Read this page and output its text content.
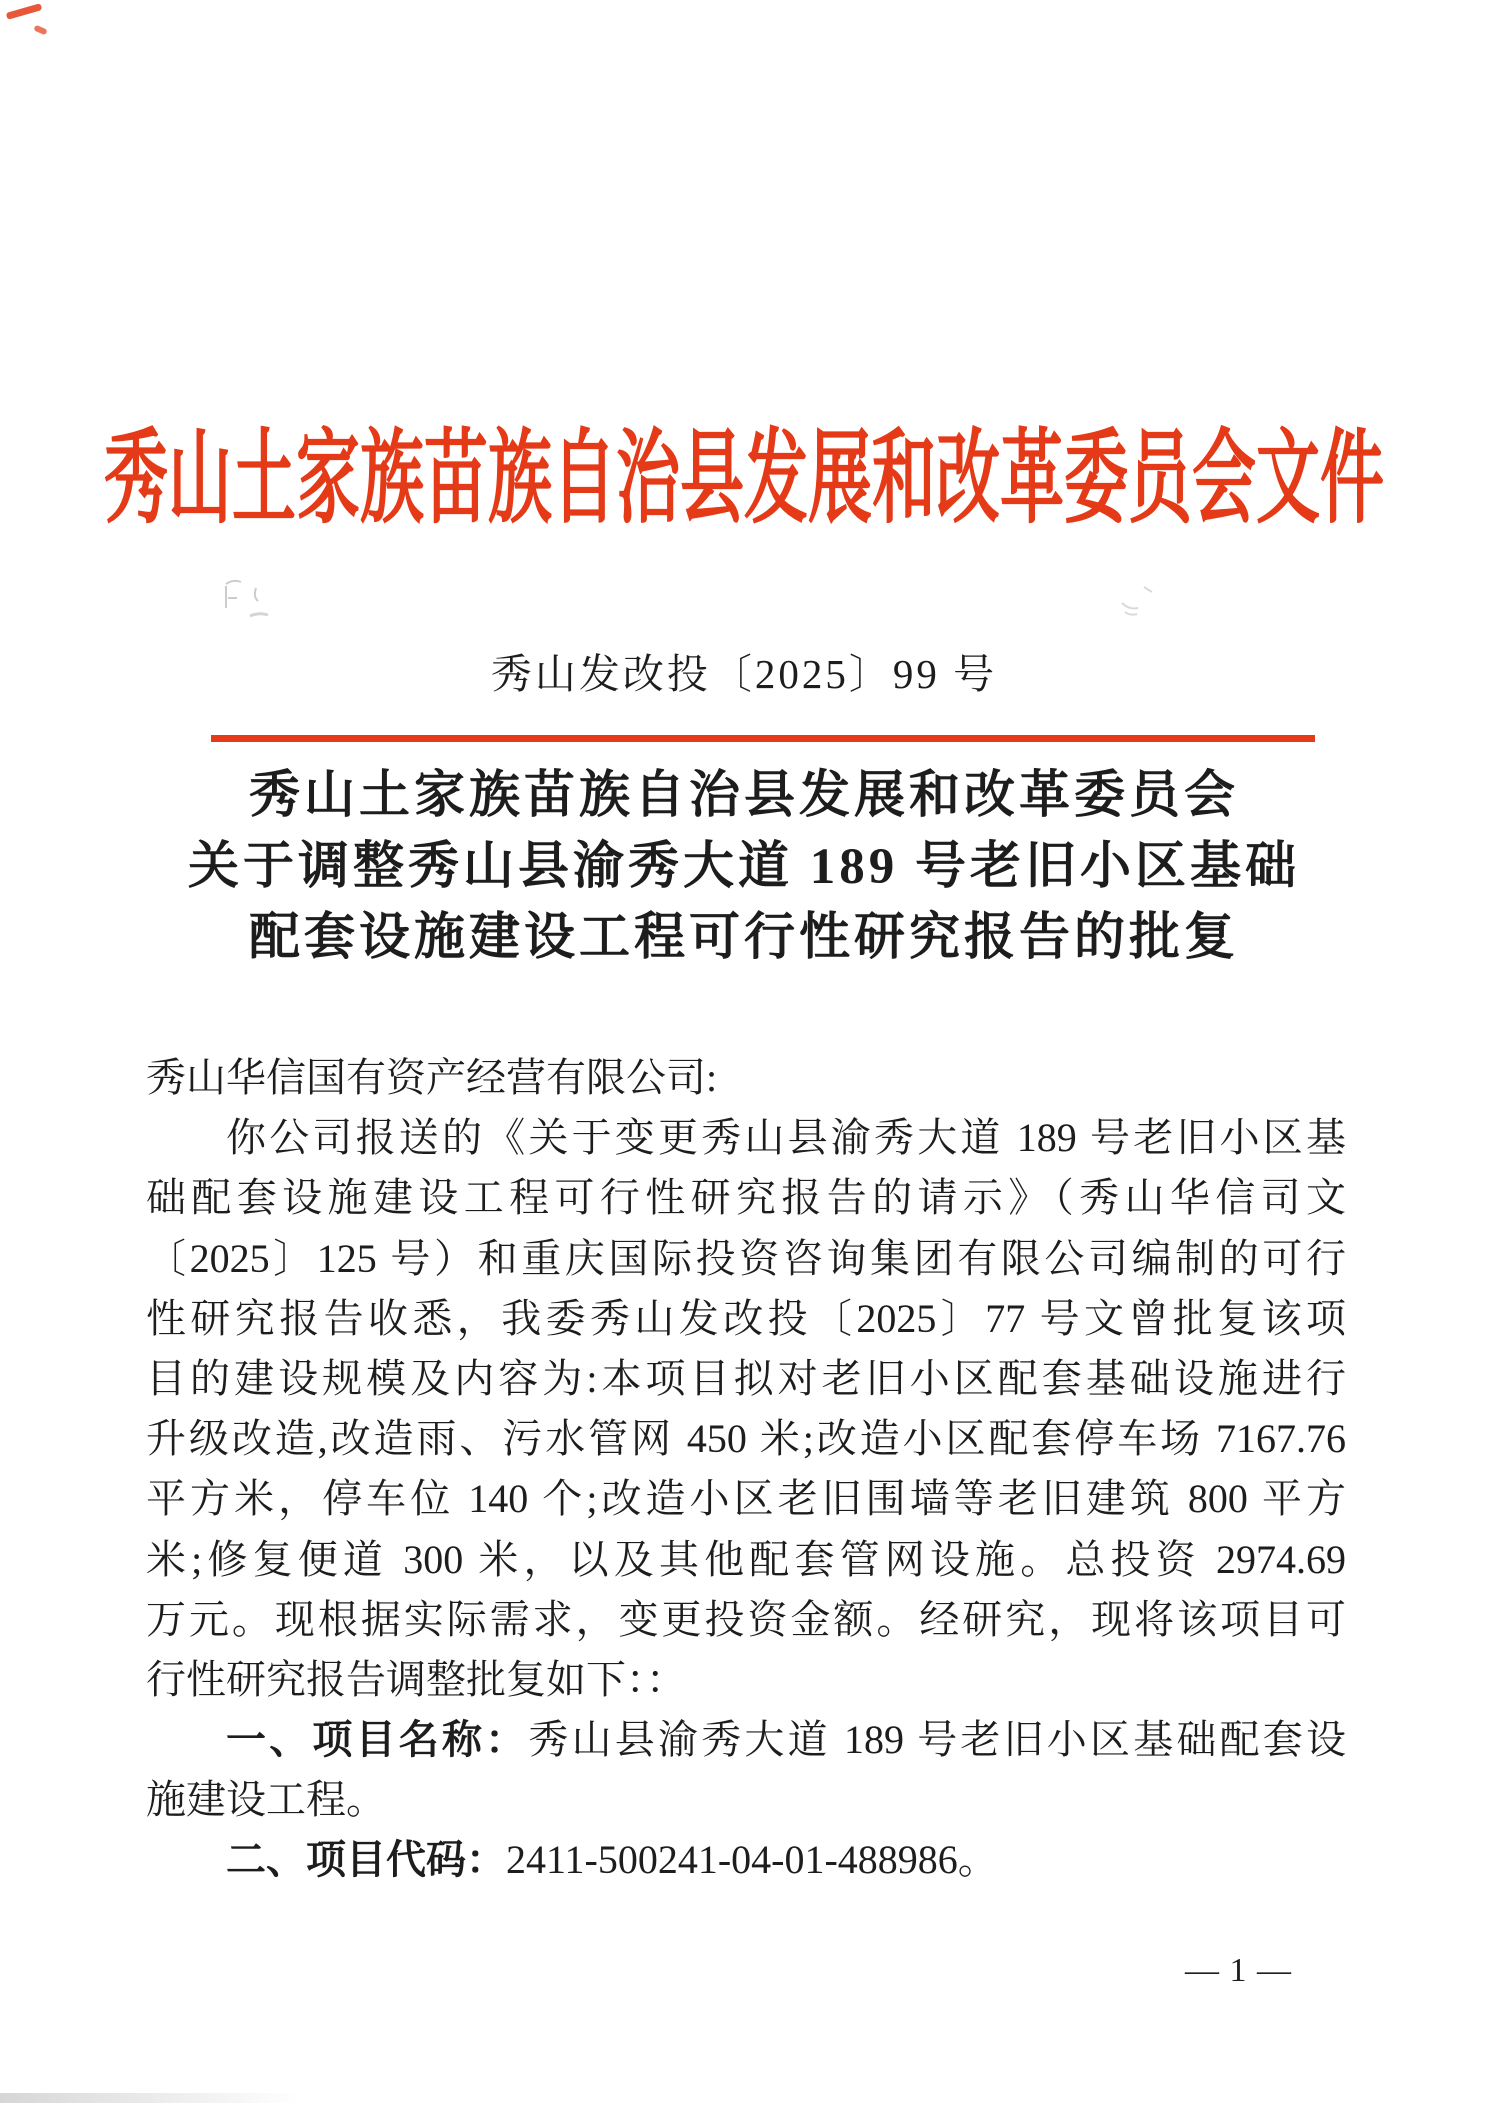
秀山土家族苗族自治县发展和改革委员会文件
秀山发改投〔2025〕99 号
秀山土家族苗族自治县发展和改革委员会
关于调整秀山县渝秀大道 189 号老旧小区基础
配套设施建设工程可行性研究报告的批复
秀山华信国有资产经营有限公司:
你公司报送的《关于变更秀山县渝秀大道 189 号老旧小区基
础配套设施建设工程可行性研究报告的请示》（秀山华信司文
〔2025〕125 号）和重庆国际投资咨询集团有限公司编制的可行
性研究报告收悉，我委秀山发改投〔2025〕77 号文曾批复该项
目的建设规模及内容为:本项目拟对老旧小区配套基础设施进行
升级改造,改造雨、污水管网 450 米;改造小区配套停车场 7167.76
平方米，停车位 140 个;改造小区老旧围墙等老旧建筑 800 平方
米;修复便道 300 米，以及其他配套管网设施。总投资 2974.69
万元。现根据实际需求，变更投资金额。经研究，现将该项目可
行性研究报告调整批复如下：：
一、项目名称：秀山县渝秀大道 189 号老旧小区基础配套设
施建设工程。
二、项目代码：2411-500241-04-01-488986。
— 1 —
